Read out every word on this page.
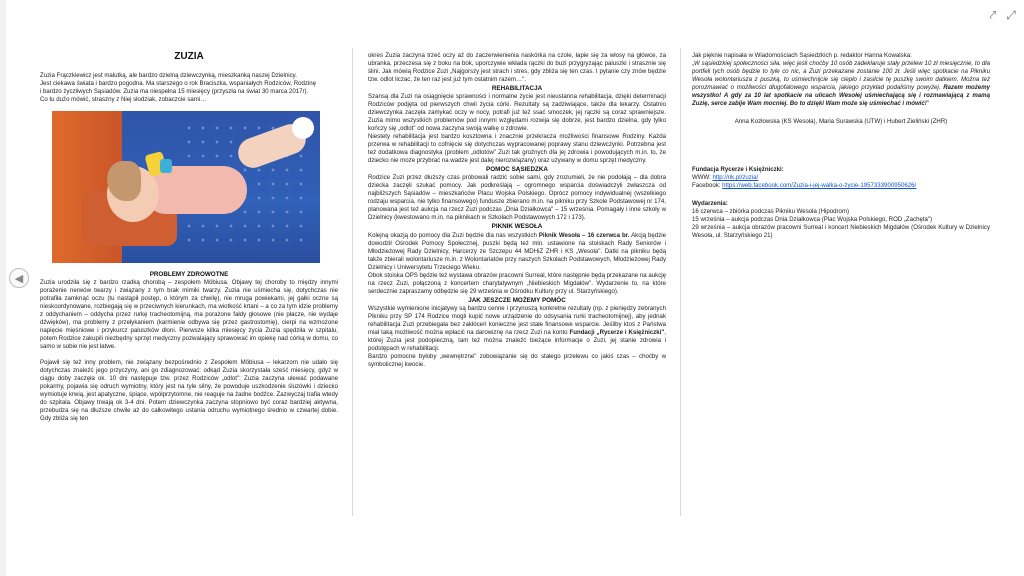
◀
⤤ ⤢
ZUZIA

Zuzia Frączkiewicz jest malutką, ale bardzo dzielną dziewczynką, mieszkanką naszej Dzielnicy.

Jest ciekawa świata i bardzo pogodna. Ma starszego o rok Braciszka, wspaniałych Rodziców, Rodzinę

i bardzo życzliwych Sąsiadów. Zuzia ma niespełna 15 miesięcy (przyszła na świat 30 marca 2017r).

Co tu dużo mówić, straszny z Niej słodziak, zobaczcie sami…

PROBLEMY ZDROWOTNE

Zuzia urodziła się z bardzo rzadką chorobą – zespołem Möbiusa. Objawy tej choroby to między innymi porażenie nerwów twarzy i związany z tym brak mimiki twarzy. Zuzia nie uśmiecha się, dotychczas nie potrafiła zamknąć oczu (tu nastąpił postęp, o którym za chwilę), nie mruga powiekami, jej gałki oczne są nieskoordynowane, rozbiegają się w przeciwnych kierunkach, ma wiotkość krtani – a co za tym idzie problemy z oddychaniem – oddycha przez rurkę tracheotomijną, ma porażone fałdy głosowe (nie płacze, nie wydaje dźwięków), ma problemy z przełykaniem (karmienie odbywa się przez gastrostomię), cierpi na wzmożone napięcie mięśniowe i przykurcz paluszków dłoni. Pierwsze kilka miesięcy życia Zuzia spędziła w szpitalu, potem Rodzice zakupili niezbędny sprzęt medyczny pozwalający sprawować im opiekę nad córką w domu, co samo w sobie nie jest łatwe.

Pojawił się też inny problem, nie związany bezpośrednio z Zespołem Möbiusa – lekarzom nie udało się dotychczas znaleźć jego przyczyny, ani go zdiagnozować: odkąd Zuzia skorzystała sześć miesięcy, gdyż w ciągu doby zaczęła ok. 10 dni następuje tzw. przez Rodziców „odlot": Zuzia zaczyna ulewać podawane pokarmy, pojawia się odruch wymiotny, który jest na tyle silny, że powoduje uszkodzenie śluzówki i dziecko wymiotuje krwią, jest apatyczne, śpiące, wpółprzytomne, nie reaguje na żadne bodźce. Zazwyczaj trafia wtedy do szpitala. Objawy trwają ok 3-4 dni. Potem dziewczynka zaczyna stopniowo być coraz bardziej aktywna, przebudza się na dłuższe chwile aż do całkowitego ustania odruchu wymiotnego średnio w czwartej dobie. Gdy zbliża się ten

okres Zuzia zaczyna trzeć oczy aż do zaczerwienienia naskórka na czole, łapie się za włosy na główce, za ubranka, przeczesa się z boku na bok, uporczywie wkłada rączki do buzi przygryzając paluszki i strasznie się ślini. Jak mówią Rodzice Zuzi „Najgorszy jest strach i stres, gdy zbliża się ten czas. I pytanie czy znów będzie tzw. odlot liczac, że ten raz jest już tym ostatnim razem…".

REHABILITACJA

Szansą dla Zuzi na osiągnięcie sprawności i normalne życie jest nieustanna rehabilitacja, dzięki determinacji Rodziców podjęta od pierwszych chwil życia córki. Rezultaty są zadziwiające, także dla lekarzy. Ostatnio dziewczynka zaczęła zamykać oczy w nocy, potrafi już też ssać smoczek, jej rączki są coraz sprawniejsze. Zuzia mimo wszystkich problemów pod innymi względami rozwija się dobrze, jest bardzo dzielna, gdy tylko kończy się „odlot" od nowa zaczyna swoją walkę o zdrowie.

Niestety rehabilitacja jest bardzo kosztowna i znacznie przekracza możliwości finansowe Rodziny. Każda przerwa w rehabilitacji to cofnięcie się dotychczas wypracowanej poprawy stanu dziewczynki. Potrzebna jest też dodatkowa diagnostyka (problem „odlotów" Zuzi tak groźnych dla jej zdrowia i powodujących m.in. to, że dziecko nie może przybrać na wadze jest dalej nierozwiązany) oraz używany w domu sprzęt medyczny.

POMOC SĄSIEDZKA

Rodzice Zuzi przez dłuższy czas próbowali radzić sobie sami, gdy zrozumieli, że nie podołają – dla dobra dziecka zaczęli szukać pomocy. Jak podkreślają – ogromnego wsparcia doświadczyli zwłaszcza od najbliższych Sąsiadów – mieszkańców Placu Wojska Polskiego. Oprócz pomocy indywidualnej (wszelkiego rodzaju wsparcia, nie tylko finansowego) fundusze zbierano m.in. na pikniku przy Szkole Podstawowej nr 174, planowana jest też aukcja na rzecz Zuzi podczas „Dnia Działkowca" – 15 września. Pomagały i inne szkoły w Dzielnicy (kwestowano m.in. na piknikach w Szkołach Podstawowych 172 i 173).

PIKNIK WESOŁA

Kolejną okazją do pomocy dla Zuzi będzie dla nas wszystkich Piknik Wesoła – 16 czerwca br. Akcją będzie dowodził Ośrodek Pomocy Społecznej, puszki będą też min. ustawione na stoiskach Rady Seniorów i Młodzieżowej Rady Dzielnicy, Harcerzy ze Szczepu 44 MDHiZ ZHR i KS „Wesoła". Datki na pikniku będą także zbierali wolontariusze m.in. z Wolontariatów przy naszych Szkołach Podstawowych, Młodzieżowej Rady Dzielnicy i Uniwersytetu Trzeciego Wieku.

Obok stoiska OPS będzie też wystawa obrazów pracowni Surreal, które następnie będą przekazane na aukcję na rzecz Zuzi, połączoną z koncertem charytatywnym „Niebieskich Migdałów". Wydarzenie to, na które serdecznie zapraszamy odbędzie się 29 września w Ośrodku Kultury przy ul. Starzyńskiego).

JAK JESZCZE MOŻEMY POMÓC

Wszystkie wymienione inicjatywy są bardzo cenne i przynoszą konkretne rezultaty (np. z pieniędzy zebranych Pikniku przy SP 174 Rodzice mogli kupić nowe urządzenie do odsysania rurki tracheotomijnej), aby jednak rehabilitacja Zuzi przebiegała bez zakłóceń konieczne jest stałe finansowe wsparcie. Jeśliby ktoś z Państwa miał taką możliwość można wpłacić na darowiznę na rzecz Zuzi na konto Fundacji „Rycerze i Księżniczki", której Zuzia jest podopieczną, tam też można znaleźć bieżące informacje o Zuzi, jej stanie zdrowia i podstępach w rehabilitacji.

Bardzo pomocne byłoby „wewnętrzne" zobowiązanie się do stałego przelewu co jakiś czas – choćby w symbolicznej kwocie.

Jak pięknie napisała w Wiadomościach Sąsiedzkich p. redaktor Hanna Kowalska:

„W sąsiedzkiej społeczności siła, więc jeśli choćby 10 osób zadeklaruje stały przelew 10 zł miesięcznie, to dla portfeli tych osób będzie to tyle co nic, a Zuzi przekazane zostanie 100 zł. Jeśli więc spotkacie na Pikniku Wesoła wolontariusza z puszką, to uśmiechnijcie się ciepło i zasilcie tę puszkę swoim datkiem. Można też porozmawiać o możliwości długofalowego wsparcia, jakiego przykład podaliśmy powyżej. Razem możemy wszystko! A gdy za 10 lat spotkacie na ulicach Wesołej uśmiechającą się i rozmawiającą z mamą Zuzię, serce zabije Wam mocniej. Bo to dzięki Wam może się uśmiechać i mówić!"

Anna Kozłowska (KS Wesoła), Maria Surawska (UTW) i Hubert Zieliński (ZHR)

Fundacja Rycerze i Księżniczki:

WWW: http://rik.pl/zuzia/

Facebook: https://web.facebook.com/Zuzia-i-jej-walka-o-życie-1957333900950626/

Wydarzenia:

16 czerwca – zbiórka podczas Pikniku Wesoła (Hipodrom)

15 września – aukcja podczas Dnia Działkowca (Plac Wojska Polskiego, ROD „Zachęta")

29 września – aukcja obrazów pracowni Surreal i koncert Niebieskich Migdałów (Ośrodek Kultury w Dzielnicy Wesoła, ul. Starzyńskiego 21)
